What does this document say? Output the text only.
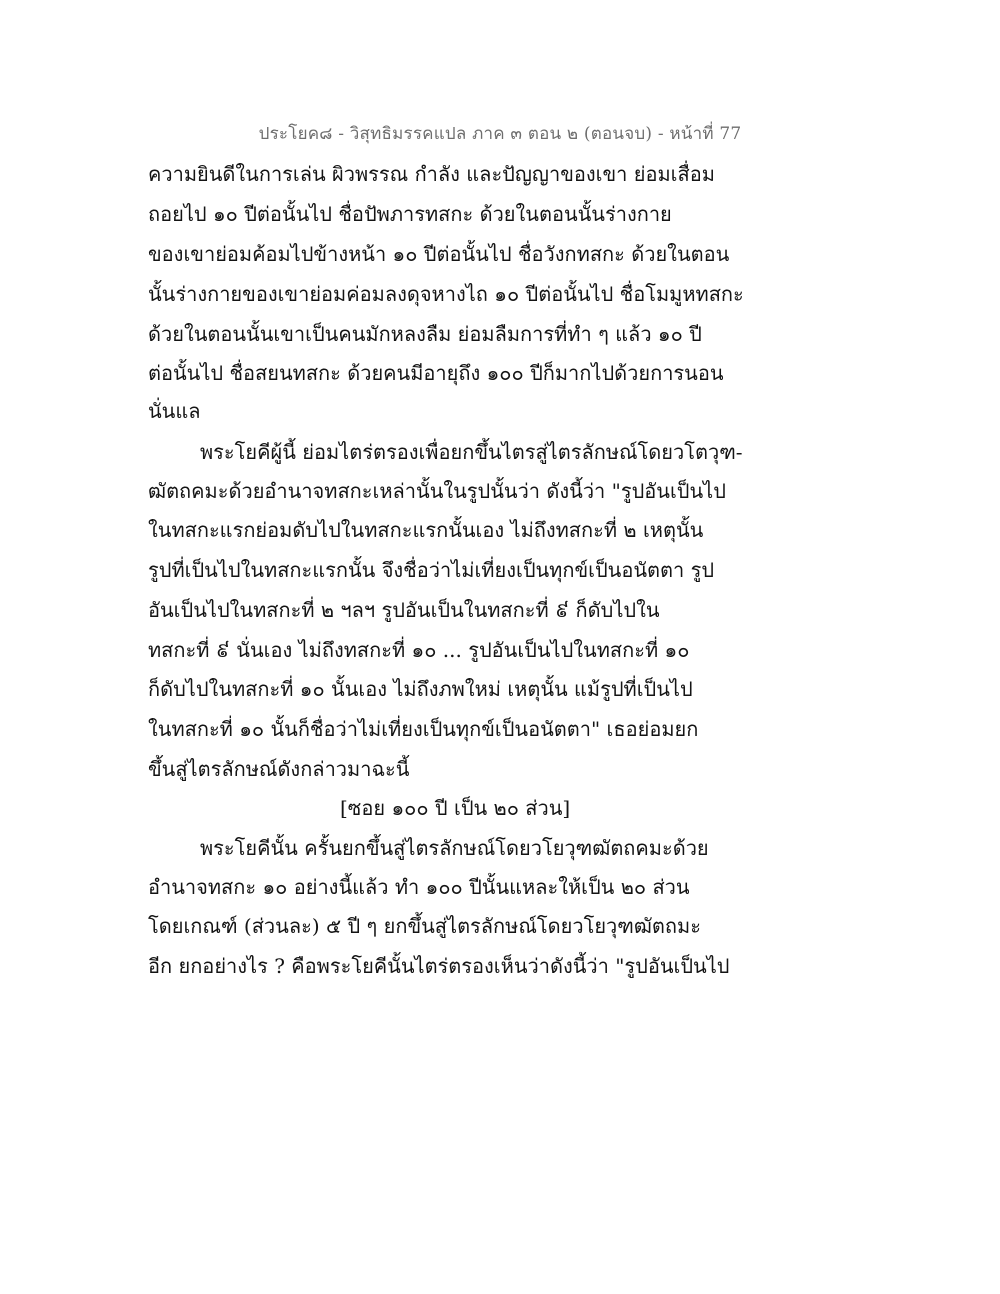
ประโยค๘ - วิสุทธิมรรคแปล ภาค ๓ ตอน ๒ (ตอนจบ) - หน้าที่ 77
ความยินดีในการเล่น ผิวพรรณ กำลัง และปัญญาของเขา ย่อมเสื่อม
ถอยไป ๑๐ ปีต่อนั้นไป ชื่อปัพภารทสกะ ด้วยในตอนนั้นร่างกาย
ของเขาย่อมค้อมไปข้างหน้า ๑๐ ปีต่อนั้นไป ชื่อวังกทสกะ ด้วยในตอน
นั้นร่างกายของเขาย่อมค่อมลงดุจหางไถ ๑๐ ปีต่อนั้นไป ชื่อโมมูหทสกะ
ด้วยในตอนนั้นเขาเป็นคนมักหลงลืม ย่อมลืมการที่ทำ ๆ แล้ว ๑๐ ปี
ต่อนั้นไป ชื่อสยนทสกะ ด้วยคนมีอายุถึง ๑๐๐ ปีก็มากไปด้วยการนอน
นั่นแล
พระโยคีผู้นี้ ย่อมไตร่ตรองเพื่อยกขึ้นไตรสู่ไตรลักษณ์โดยวโตวุฑ-
ฒัตถคมะด้วยอำนาจทสกะเหล่านั้นในรูปนั้นว่า ดังนี้ว่า "รูปอันเป็นไป
ในทสกะแรกย่อมดับไปในทสกะแรกนั้นเอง ไม่ถึงทสกะที่ ๒ เหตุนั้น
รูปที่เป็นไปในทสกะแรกนั้น จึงชื่อว่าไม่เที่ยงเป็นทุกข์เป็นอนัตตา รูป
อันเป็นไปในทสกะที่ ๒ ฯลฯ รูปอันเป็นในทสกะที่ ៩ ก็ดับไปใน
ทสกะที่ ៩ นั่นเอง ไม่ถึงทสกะที่ ๑๐ ... รูปอันเป็นไปในทสกะที่ ๑๐
ก็ดับไปในทสกะที่ ๑๐ นั้นเอง ไม่ถึงภพใหม่ เหตุนั้น แม้รูปที่เป็นไป
ในทสกะที่ ๑๐ นั้นก็ชื่อว่าไม่เที่ยงเป็นทุกข์เป็นอนัตตา" เธอย่อมยก
ขึ้นสู่ไตรลักษณ์ดังกล่าวมาฉะนี้
[ซอย ๑๐๐ ปี เป็น ๒๐ ส่วน]
พระโยคีนั้น ครั้นยกขึ้นสู่ไตรลักษณ์โดยวโยวุฑฒัตถคมะด้วย
อำนาจทสกะ ๑๐ อย่างนี้แล้ว ทำ ๑๐๐ ปีนั้นแหละให้เป็น ๒๐ ส่วน
โดยเกณฑ์ (ส่วนละ) ๕ ปี ๆ ยกขึ้นสู่ไตรลักษณ์โดยวโยวุฑฒัตถมะ
อีก ยกอย่างไร ? คือพระโยคีนั้นไตร่ตรองเห็นว่าดังนี้ว่า "รูปอันเป็นไป
